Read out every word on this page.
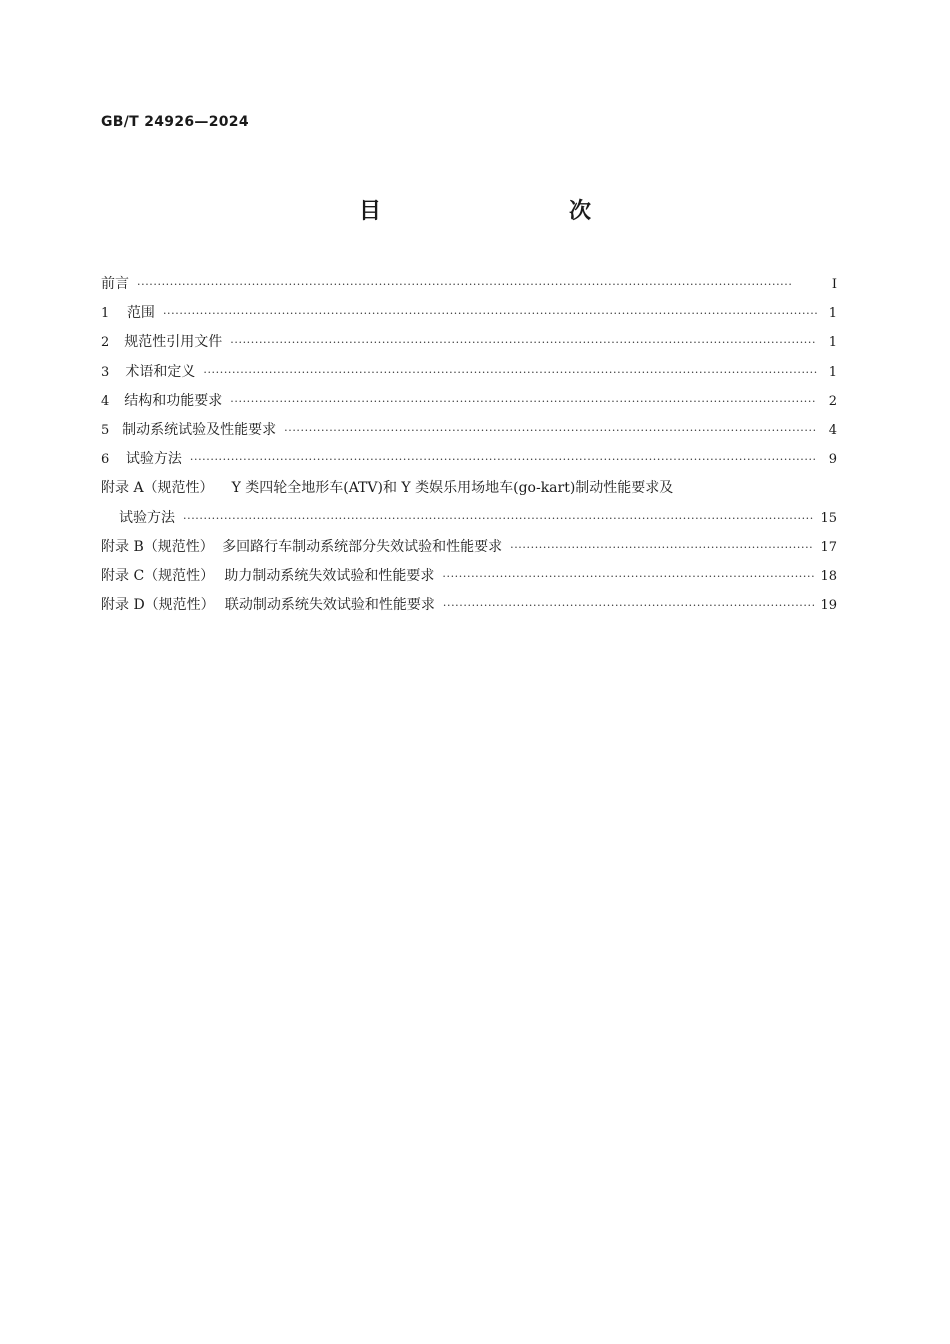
GB/T 24926—2024
目　　次
前言 ·····	Ⅰ
1	范围 ·····	1
2	规范性引用文件 ·····	1
3	术语和定义 ·····	1
4	结构和功能要求 ·····	2
5 制动系统试验及性能要求 ·····	4
6	试验方法 ·····	9
附录 A（规范性） Y 类四轮全地形车(ATV)和 Y 类娱乐用场地车(go-kart)制动性能要求及
试验方法 ·····	15
附录 B（规范性） 多回路行车制动系统部分失效试验和性能要求 ·····	17
附录 C（规范性） 助力制动系统失效试验和性能要求 ·····	18
附录 D（规范性） 联动制动系统失效试验和性能要求 ·····	19
